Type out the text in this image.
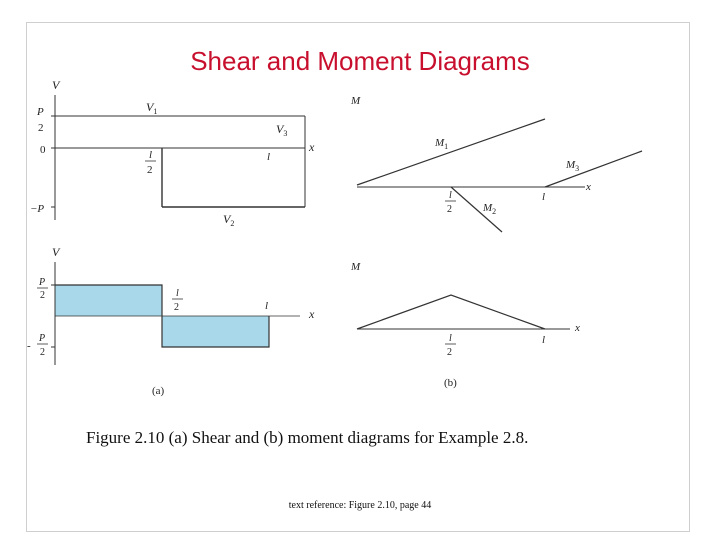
Shear and Moment Diagrams
V
P
2
0
−P
$V_1$
$V_3$
$V_2$
l
2
l
x
M
$M_1$
$M_3$
$M_2$
x
l
2
l
V
P
2
-
P
2
l
2	l
x
(a)
M
x
l
2
l
(b)
Figure 2.10 (a) Shear and (b) moment diagrams for Example 2.8.
text reference: Figure 2.10, page 44
